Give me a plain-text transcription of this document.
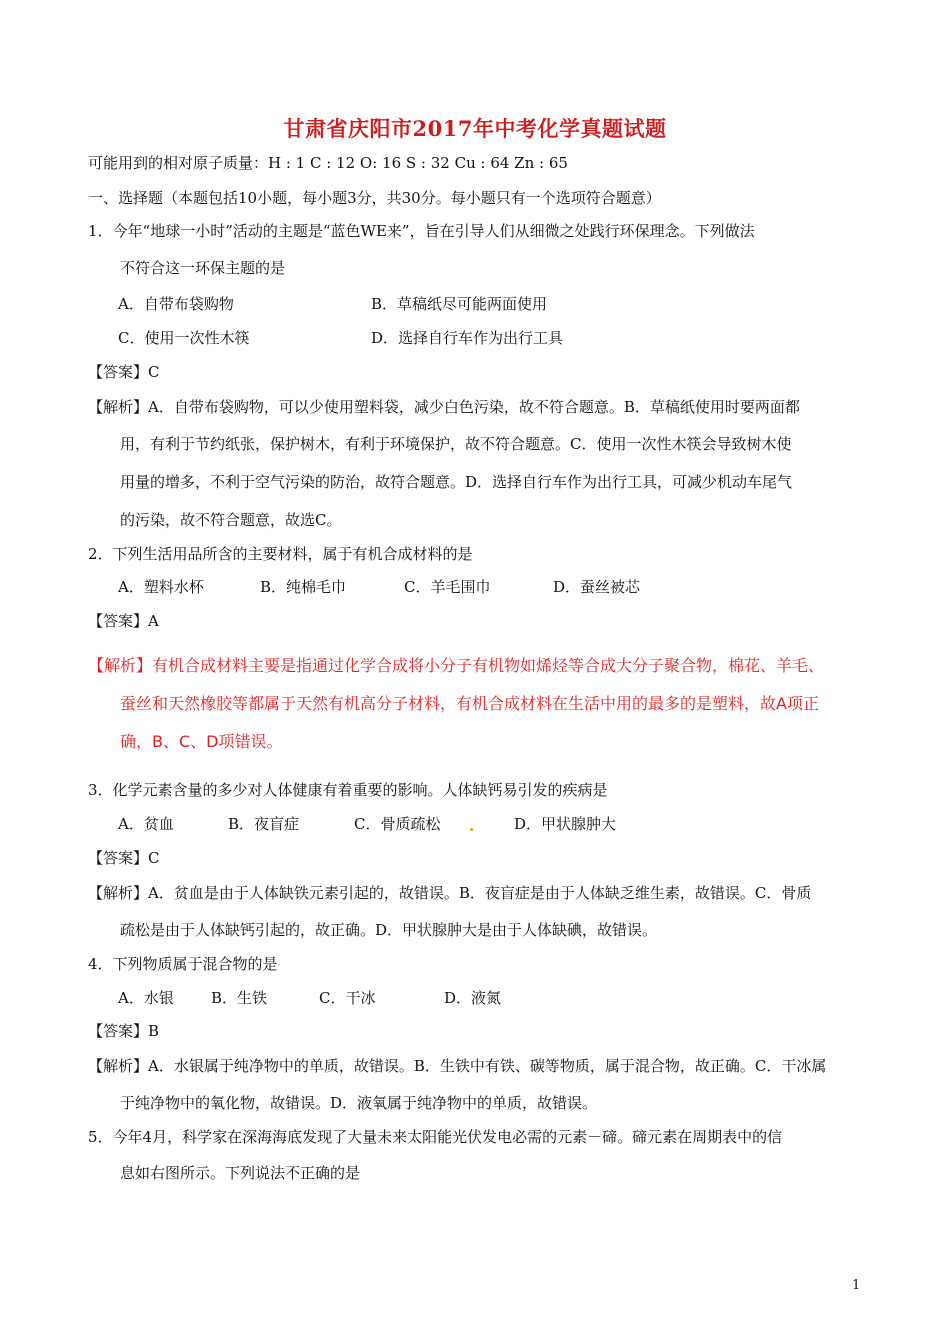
甘肃省庆阳市2017年中考化学真题试题
可能用到的相对原子质量：H : 1 C : 12 O: 16 S : 32 Cu : 64 Zn : 65
一、选择题（本题包括10小题，每小题3分，共30分。每小题只有一个选项符合题意）
1．今年“地球一小时”活动的主题是“蓝色WE来”，旨在引导人们从细微之处践行环保理念。下列做法
不符合这一环保主题的是
A．自带布袋购物	B．草稿纸尽可能两面使用
C．使用一次性木筷	D．选择自行车作为出行工具
【答案】C
【解析】A．自带布袋购物，可以少使用塑料袋，减少白色污染，故不符合题意。B．草稿纸使用时要两面都
用，有利于节约纸张，保护树木，有利于环境保护，故不符合题意。C．使用一次性木筷会导致树木使
用量的增多，不利于空气污染的防治，故符合题意。D．选择自行车作为出行工具，可减少机动车尾气
的污染，故不符合题意，故选C。
2．下列生活用品所含的主要材料，属于有机合成材料的是
A．塑料水杯	B．纯棉毛巾	C．羊毛围巾	D．蚕丝被芯
【答案】A
【解析】有机合成材料主要是指通过化学合成将小分子有机物如烯烃等合成大分子聚合物，棉花、羊毛、
蚕丝和天然橡胶等都属于天然有机高分子材料，有机合成材料在生活中用的最多的是塑料，故A项正
确，B、C、D项错误。
3．化学元素含量的多少对人体健康有着重要的影响。人体缺钙易引发的疾病是
A．贫血	B．夜盲症	C．骨质疏松	D．甲状腺肿大
【答案】C
【解析】A．贫血是由于人体缺铁元素引起的，故错误。B．夜盲症是由于人体缺乏维生素，故错误。C．骨质
疏松是由于人体缺钙引起的，故正确。D．甲状腺肿大是由于人体缺碘，故错误。
4．下列物质属于混合物的是
A．水银 B．生铁	C．干冰	D．液氮
【答案】B
【解析】A．水银属于纯净物中的单质，故错误。B．生铁中有铁、碳等物质，属于混合物，故正确。C．干冰属
于纯净物中的氧化物，故错误。D．液氧属于纯净物中的单质，故错误。
5．今年4月，科学家在深海海底发现了大量未来太阳能光伏发电必需的元素－碲。碲元素在周期表中的信
息如右图所示。下列说法不正确的是
1
